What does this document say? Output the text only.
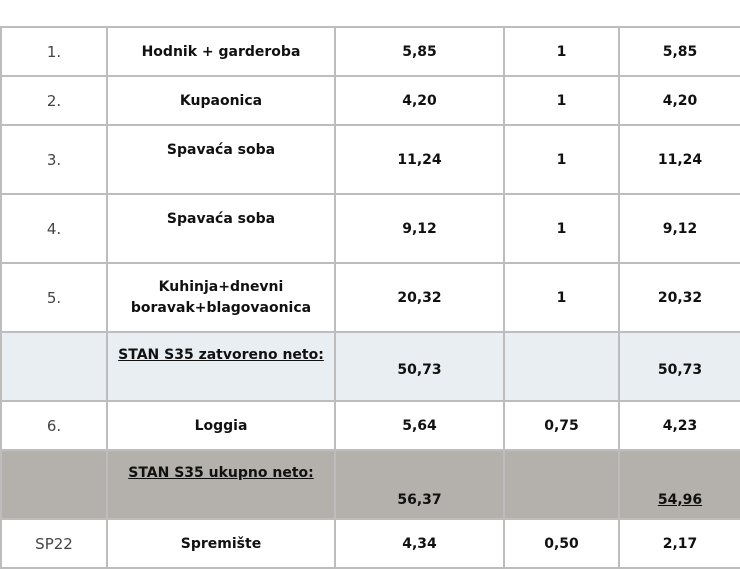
1.	Hodnik + garderoba	5,85	1	5,85
2.	Kupaonica	4,20	1	4,20
3.	Spavaća soba	11,24	1	11,24
4.	Spavaća soba	9,12	1	9,12
5.	Kuhinja+dnevni
boravak+blagovaonica	20,32	1	20,32
	STAN S35 zatvoreno neto:	50,73		50,73
6.	Loggia	5,64	0,75	4,23
	STAN S35 ukupno neto:	56,37		54,96
SP22	Spremište	4,34	0,50	2,17
